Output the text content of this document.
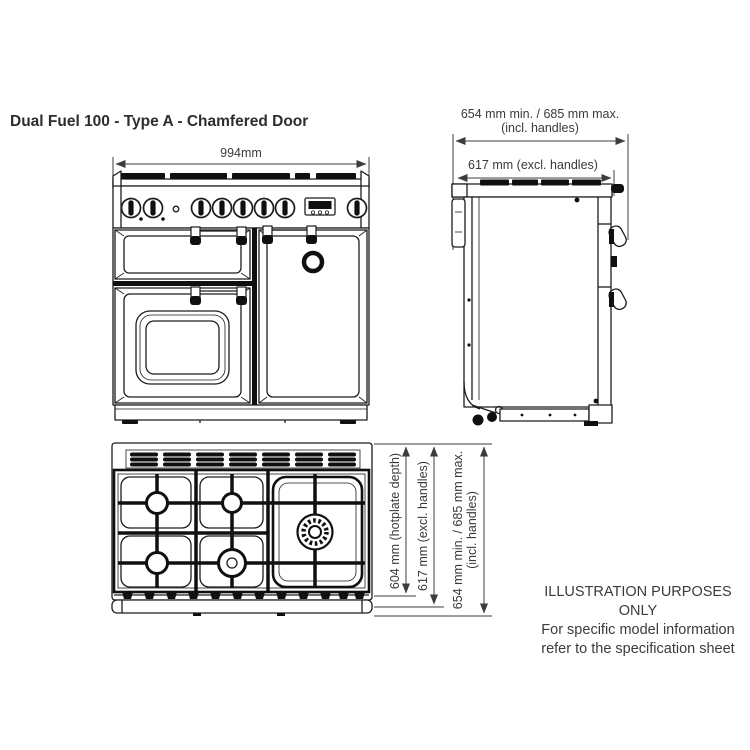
Dual Fuel 100 - Type A - Chamfered Door
994mm
654 mm min. / 685 mm max.
(incl. handles)
617 mm (excl. handles)
604 mm (hotplate depth) 617 mm (excl. handles) 654 mm min. / 685 mm max. (incl. handles)
ILLUSTRATION PURPOSES ONLY
For specific model information
refer to the specification sheet
